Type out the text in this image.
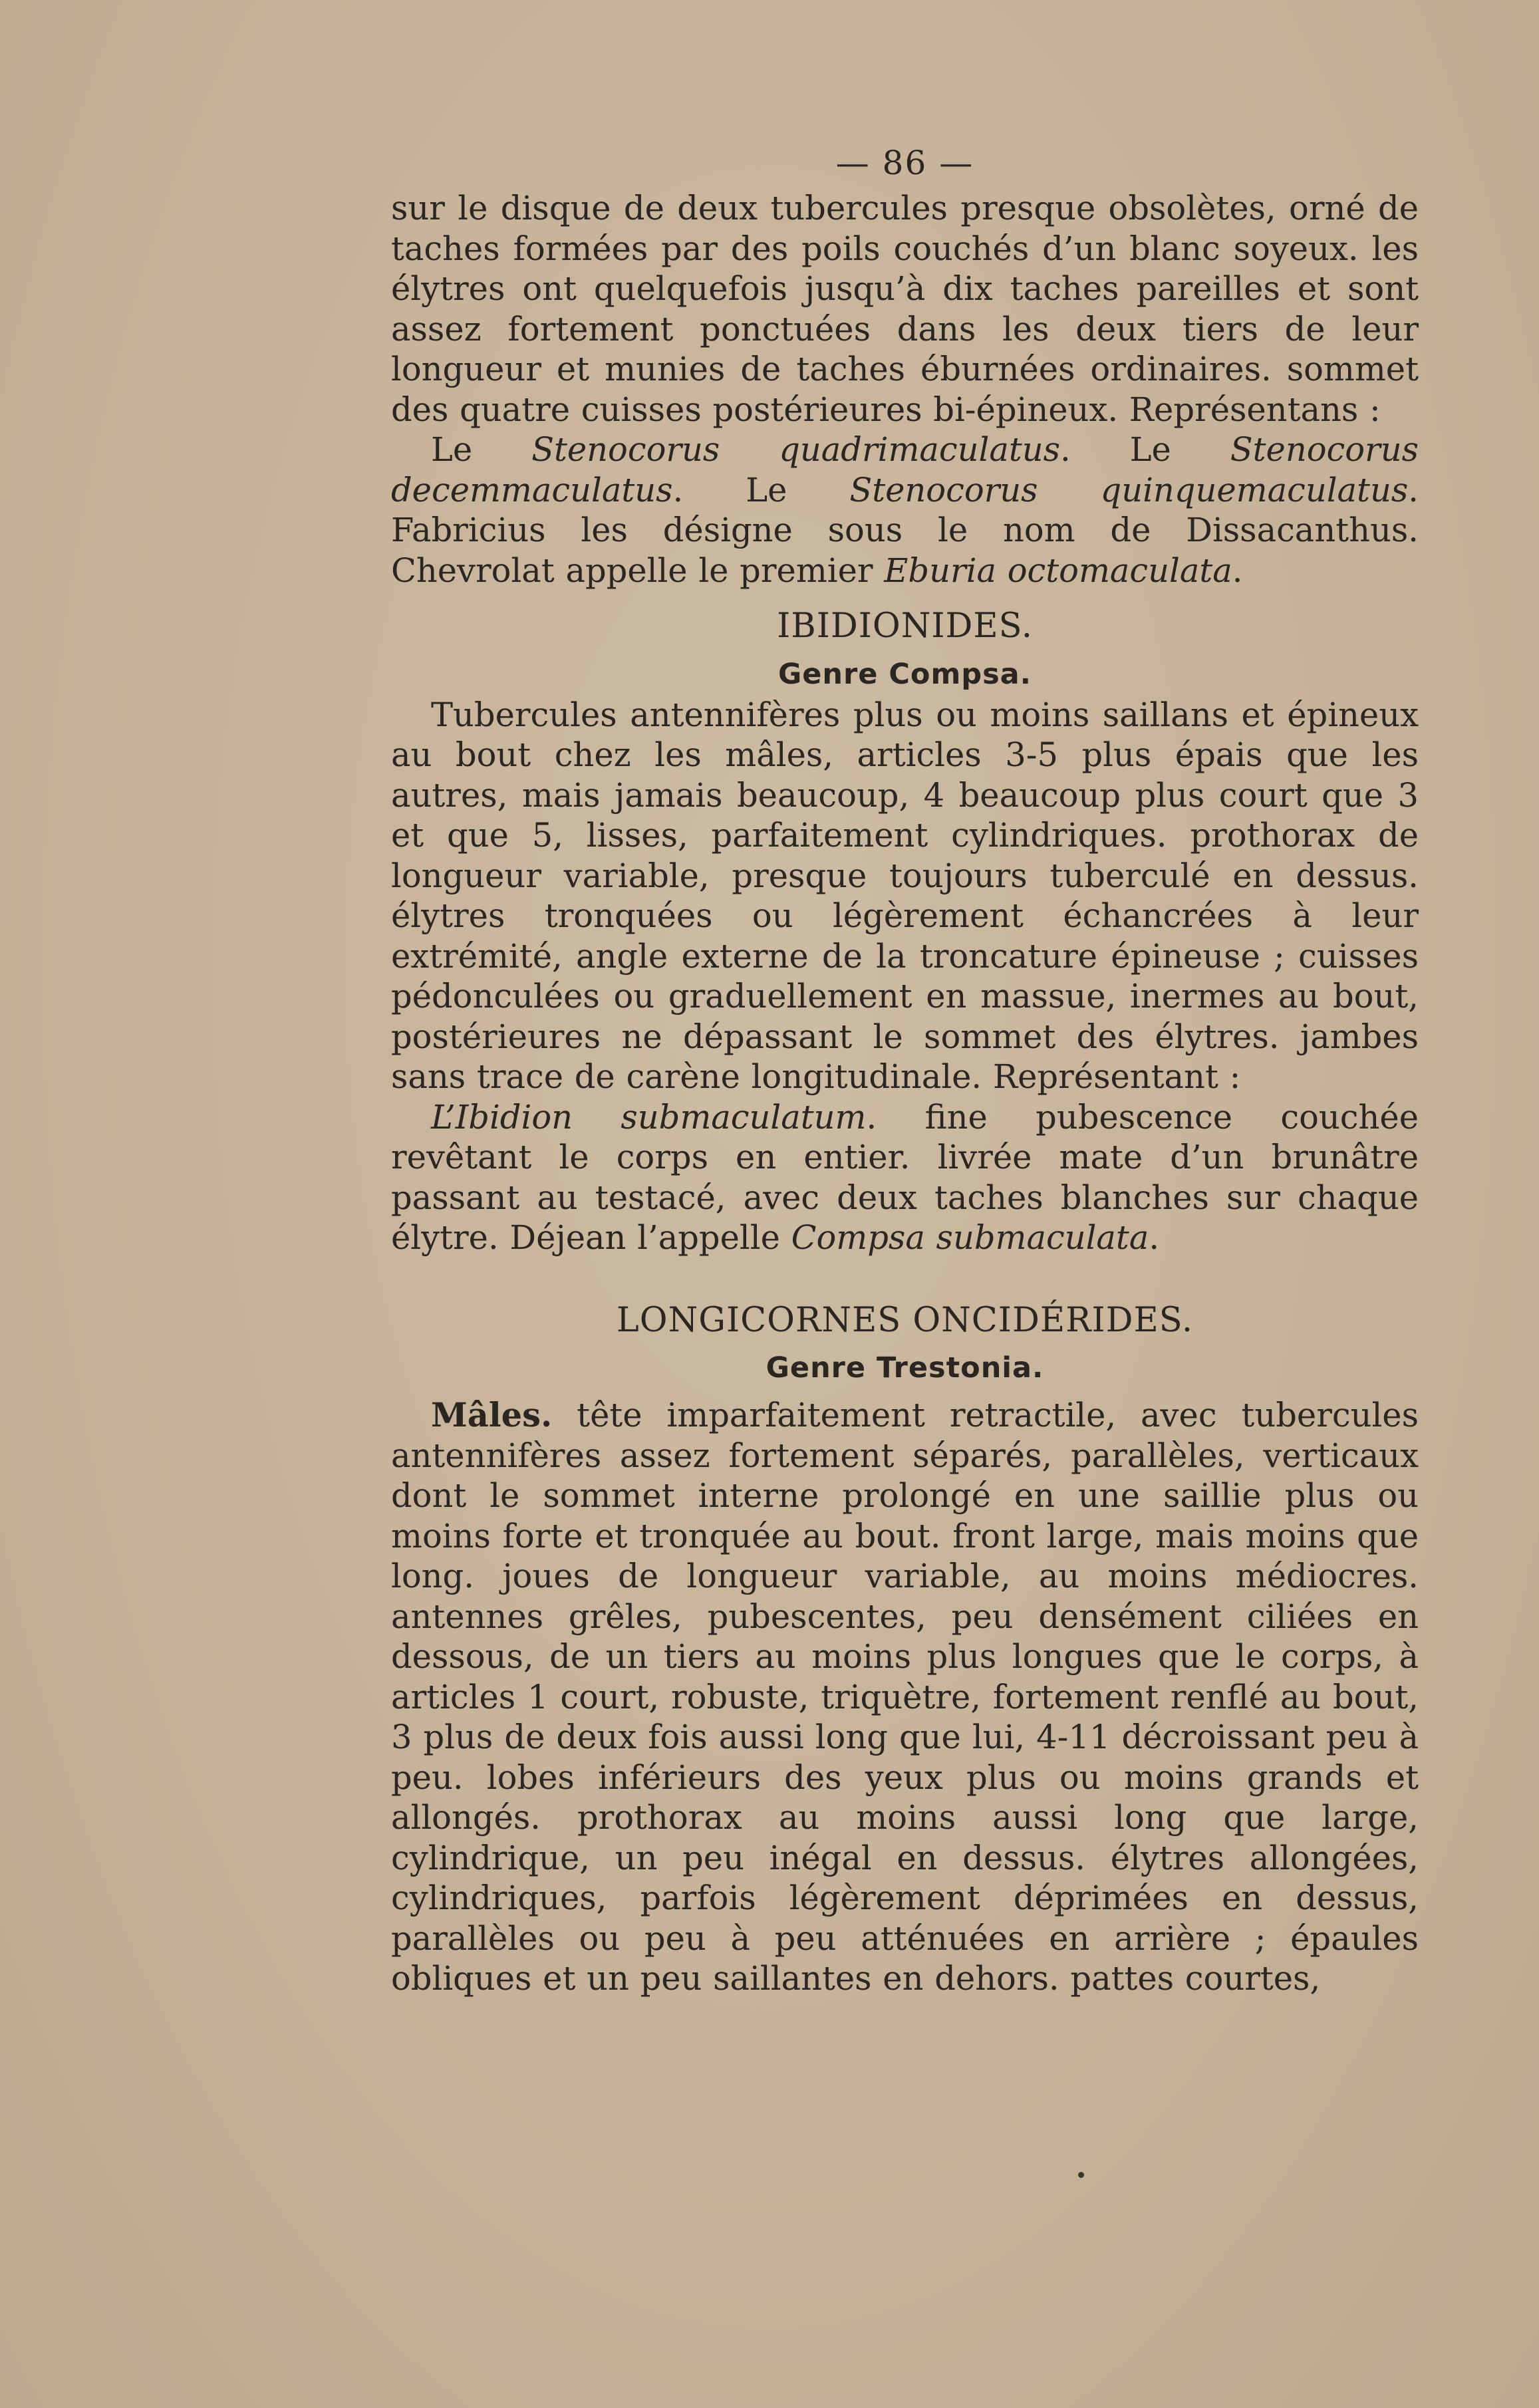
— 86 —

sur le disque de deux tubercules presque obsolètes, orné de taches formées par des poils couchés d’un blanc soyeux. les élytres ont quelquefois jusqu’à dix taches pareilles et sont assez fortement ponctuées dans les deux tiers de leur longueur et munies de taches éburnées ordinaires. sommet des quatre cuisses postérieures bi-épineux. Représentans :

Le Stenocorus quadrimaculatus. Le Stenocorus decemmaculatus. Le Stenocorus quinquemaculatus. Fabricius les désigne sous le nom de Dissacanthus. Chevrolat appelle le premier Eburia octomaculata.

IBIDIONIDES.
Genre Compsa.

Tubercules antennifères plus ou moins saillans et épineux au bout chez les mâles, articles 3-5 plus épais que les autres, mais jamais beaucoup, 4 beaucoup plus court que 3 et que 5, lisses, parfaitement cylindriques. prothorax de longueur variable, presque toujours tuberculé en dessus. élytres tronquées ou légèrement échancrées à leur extrémité, angle externe de la troncature épineuse ; cuisses pédonculées ou graduellement en massue, inermes au bout, postérieures ne dépassant le sommet des élytres. jambes sans trace de carène longitudinale. Représentant :

L’Ibidion submaculatum. fine pubescence couchée revêtant le corps en entier. livrée mate d’un brunâtre passant au testacé, avec deux taches blanches sur chaque élytre. Déjean l’appelle Compsa submaculata.

LONGICORNES ONCIDÉRIDES.
Genre Trestonia.

Mâles. tête imparfaitement retractile, avec tubercules antennifères assez fortement séparés, parallèles, verticaux dont le sommet interne prolongé en une saillie plus ou moins forte et tronquée au bout. front large, mais moins que long. joues de longueur variable, au moins médiocres. antennes grêles, pubescentes, peu densément ciliées en dessous, de un tiers au moins plus longues que le corps, à articles 1 court, robuste, triquètre, fortement renflé au bout, 3 plus de deux fois aussi long que lui, 4-11 décroissant peu à peu. lobes inférieurs des yeux plus ou moins grands et allongés. prothorax au moins aussi long que large, cylindrique, un peu inégal en dessus. élytres allongées, cylindriques, parfois légèrement déprimées en dessus, parallèles ou peu à peu atténuées en arrière ; épaules obliques et un peu saillantes en dehors. pattes courtes,
